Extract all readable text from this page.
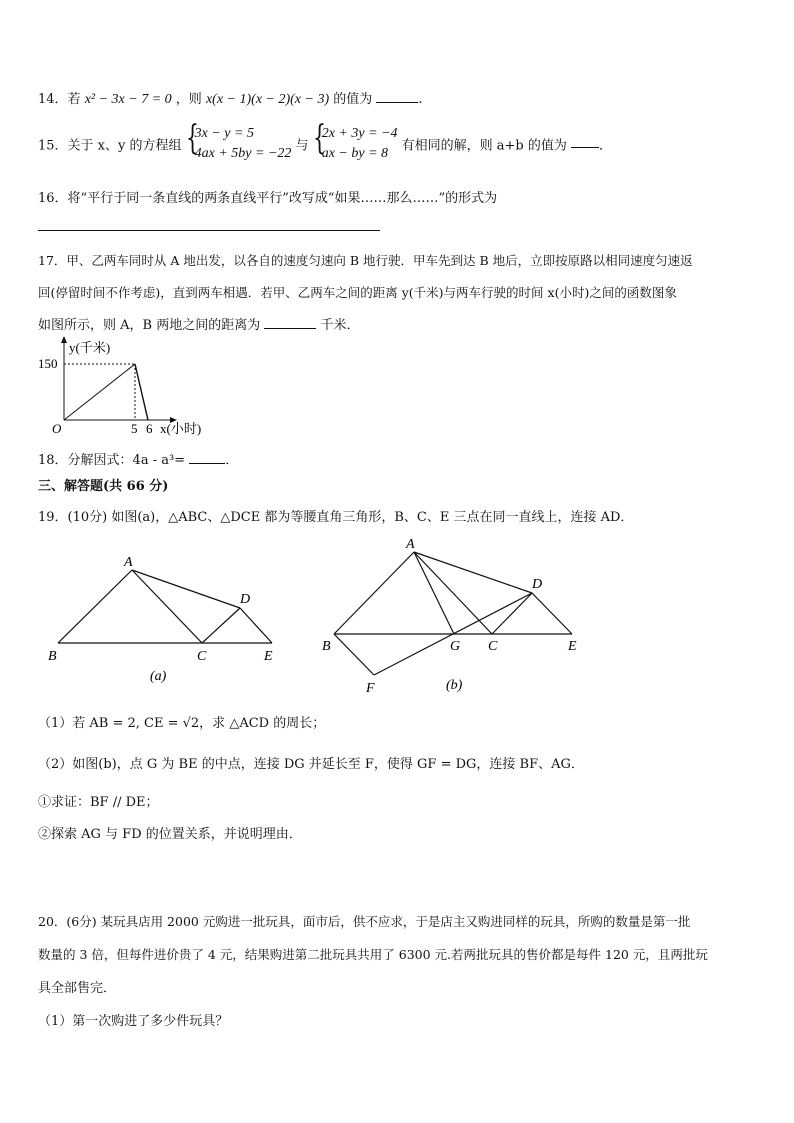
14．若 x² − 3x − 7 = 0 ，则 x(x − 1)(x − 2)(x − 3) 的值为	.
15．关于 x、y 的方程组 {
3x − y = 5
4ax + 5by = −22 与 {
2x + 3y = −4
ax − by = 8	有相同的解，则 a+b 的值为 ．
16．将“平行于同一条直线的两条直线平行”改写成“如果……那么……”的形式为
17．甲、乙两车同时从 A 地出发，以各自的速度匀速向 B 地行驶．甲车先到达 B 地后，立即按原路以相同速度匀速返
回(停留时间不作考虑)，直到两车相遇．若甲、乙两车之间的距离 y(千米)与两车行驶的时间 x(小时)之间的函数图象
如图所示，则 A，B 两地之间的距离为	千米．
y(千米)
150
O	5 6 x(小时)
18．分解因式：4a - a³=	．
三、解答题(共 66 分)
19．(10分) 如图(a)，△ABC、△DCE 都为等腰直角三角形，B、C、E 三点在同一直线上，连接 AD．
A
B	C
D
E
(a)
A
B	G C
D
E
F	(b)
（1）若 AB = 2, CE = √2，求 △ACD 的周长；
（2）如图(b)，点 G 为 BE 的中点，连接 DG 并延长至 F，使得 GF = DG，连接 BF、AG．
①求证：BF // DE；
②探索 AG 与 FD 的位置关系，并说明理由．
20．(6分) 某玩具店用 2000 元购进一批玩具，面市后，供不应求，于是店主又购进同样的玩具，所购的数量是第一批
数量的 3 倍，但每件进价贵了 4 元，结果购进第二批玩具共用了 6300 元.若两批玩具的售价都是每件 120 元，且两批玩
具全部售完．
（1）第一次购进了多少件玩具？
